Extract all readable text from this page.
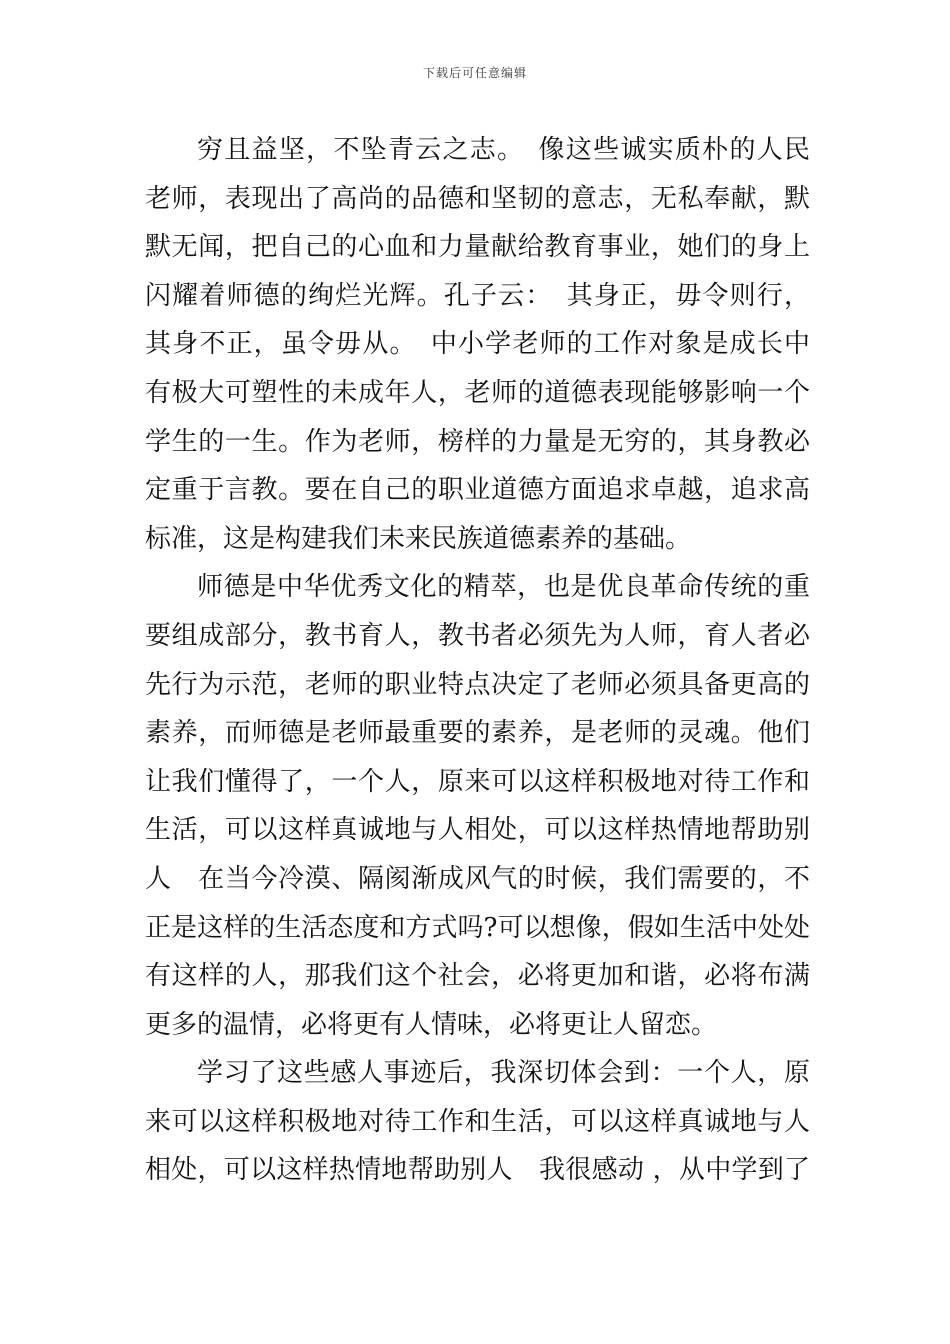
下载后可任意编辑
穷且益坚，不坠青云之志。　像这些诚实质朴的人民
老师，表现出了高尚的品德和坚韧的意志，无私奉献，默
默无闻，把自己的心血和力量献给教育事业，她们的身上
闪耀着师德的绚烂光辉。孔子云：　其身正，毋令则行，
其身不正，虽令毋从。　中小学老师的工作对象是成长中
有极大可塑性的未成年人，老师的道德表现能够影响一个
学生的一生。作为老师，榜样的力量是无穷的，其身教必
定重于言教。要在自己的职业道德方面追求卓越，追求高
标准，这是构建我们未来民族道德素养的基础。
师德是中华优秀文化的精萃，也是优良革命传统的重
要组成部分，教书育人，教书者必须先为人师，育人者必
先行为示范，老师的职业特点决定了老师必须具备更高的
素养，而师德是老师最重要的素养，是老师的灵魂。他们
让我们懂得了，一个人，原来可以这样积极地对待工作和
生活，可以这样真诚地与人相处，可以这样热情地帮助别
人　在当今冷漠、隔阂渐成风气的时候，我们需要的，不
正是这样的生活态度和方式吗?可以想像，假如生活中处处
有这样的人，那我们这个社会，必将更加和谐，必将布满
更多的温情，必将更有人情味，必将更让人留恋。
学习了这些感人事迹后，我深切体会到：一个人，原
来可以这样积极地对待工作和生活，可以这样真诚地与人
相处，可以这样热情地帮助别人　我很感动 ，从中学到了
